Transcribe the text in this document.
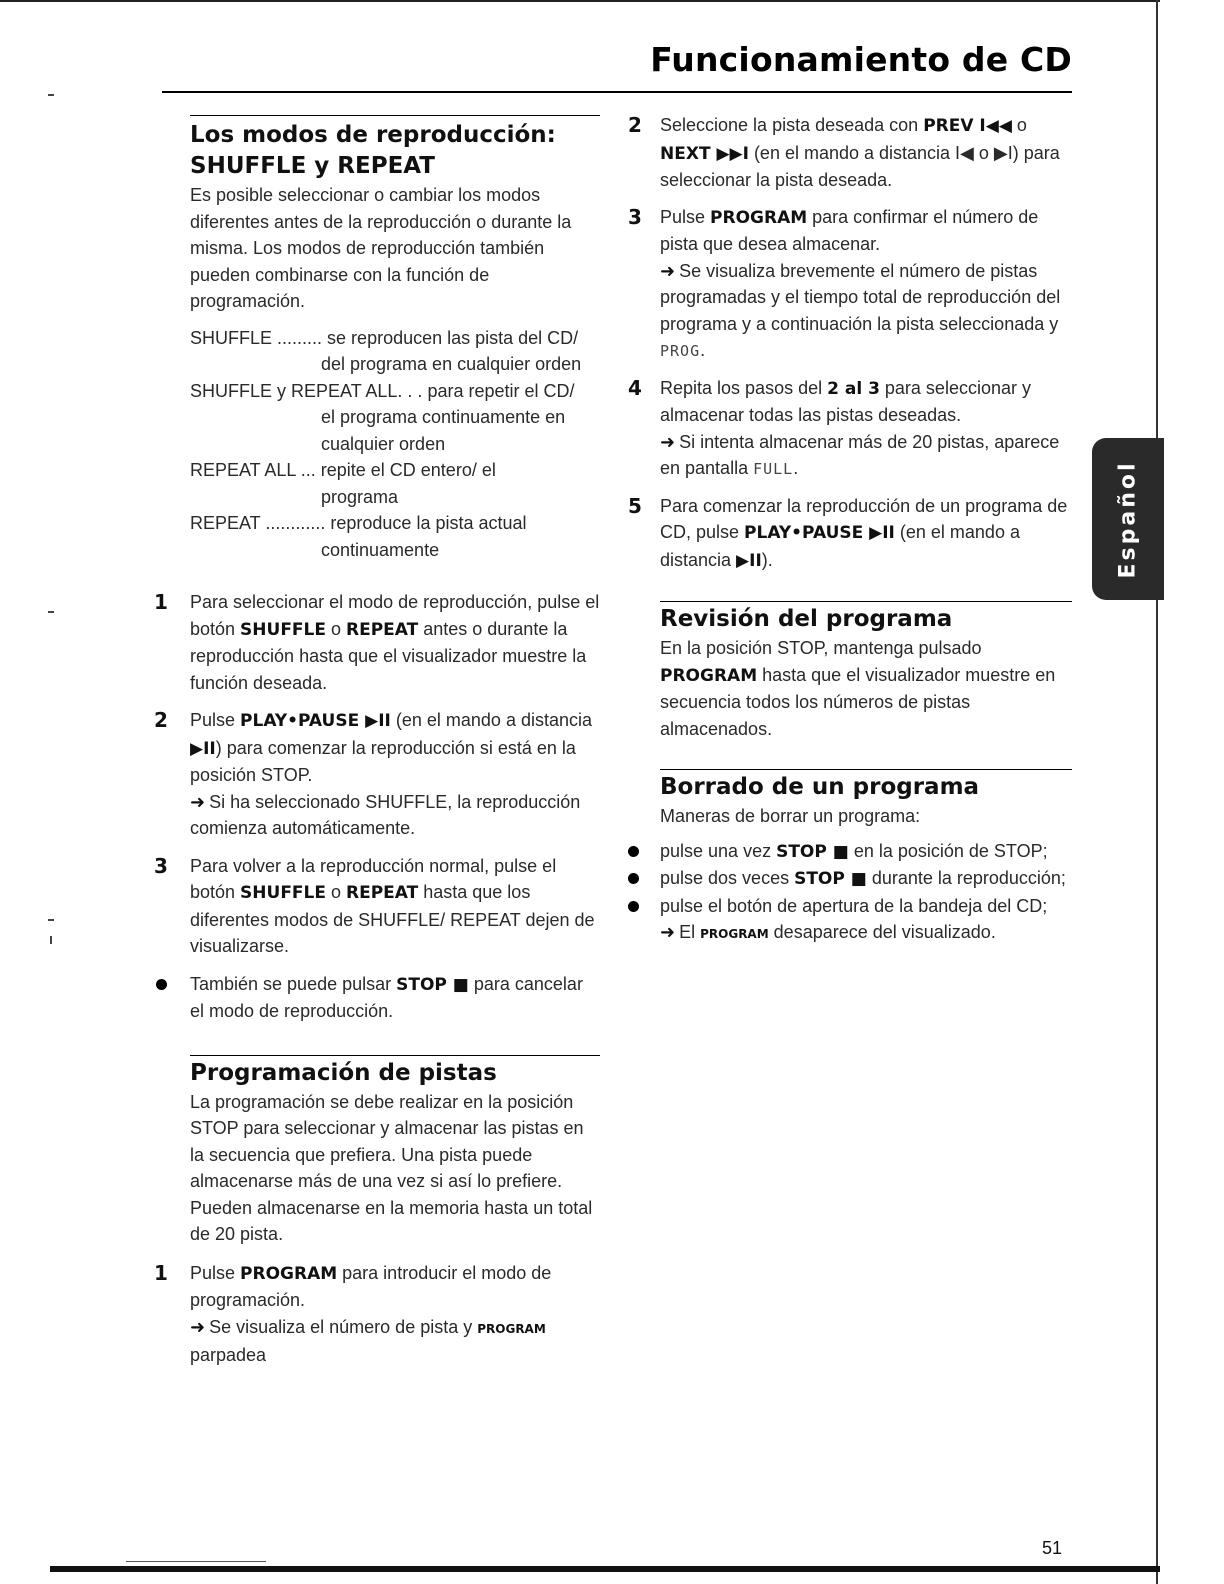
Funcionamiento de CD
Español
Los modos de reproducción:
SHUFFLE y REPEAT
Es posible seleccionar o cambiar los modos diferentes antes de la reproducción o durante la misma. Los modos de reproducción también pueden combinarse con la función de programación.
SHUFFLE ......... se reproducen las pista del CD/
del programa en cualquier orden
SHUFFLE y REPEAT ALL. . . para repetir el CD/
el programa continuamente en
cualquier orden
REPEAT ALL ... repite el CD entero/ el
programa
REPEAT ............ reproduce la pista actual
continuamente
1 Para seleccionar el modo de reproducción, pulse el botón SHUFFLE o REPEAT antes o durante la reproducción hasta que el visualizador muestre la función deseada.
2 Pulse PLAY•PAUSE ▶II (en el mando a distancia ▶II) para comenzar la reproducción si está en la posición STOP.
➜ Si ha seleccionado SHUFFLE, la reproducción comienza automáticamente.
3 Para volver a la reproducción normal, pulse el botón SHUFFLE o REPEAT hasta que los diferentes modos de SHUFFLE/ REPEAT dejen de visualizarse.
También se puede pulsar STOP ■ para cancelar el modo de reproducción.
Programación de pistas
La programación se debe realizar en la posición STOP para seleccionar y almacenar las pistas en la secuencia que prefiera. Una pista puede almacenarse más de una vez si así lo prefiere. Pueden almacenarse en la memoria hasta un total de 20 pista.
1 Pulse PROGRAM para introducir el modo de programación.
➜ Se visualiza el número de pista y PROGRAM
parpadea
2 Seleccione la pista deseada con PREV I◀◀ o NEXT ▶▶I (en el mando a distancia I◀ o ▶I) para seleccionar la pista deseada.
3 Pulse PROGRAM para confirmar el número de pista que desea almacenar.
➜ Se visualiza brevemente el número de pistas programadas y el tiempo total de reproducción del programa y a continuación la pista seleccionada y PROG.
4 Repita los pasos del 2 al 3 para seleccionar y almacenar todas las pistas deseadas.
➜ Si intenta almacenar más de 20 pistas, aparece en pantalla FULL.
5 Para comenzar la reproducción de un programa de CD, pulse PLAY•PAUSE ▶II (en el mando a distancia ▶II).
Revisión del programa
En la posición STOP, mantenga pulsado PROGRAM hasta que el visualizador muestre en secuencia todos los números de pistas almacenados.
Borrado de un programa
Maneras de borrar un programa:
pulse una vez STOP ■ en la posición de STOP;
pulse dos veces STOP ■ durante la reproducción;
pulse el botón de apertura de la bandeja del CD;
➜ El PROGRAM desaparece del visualizado.
51
